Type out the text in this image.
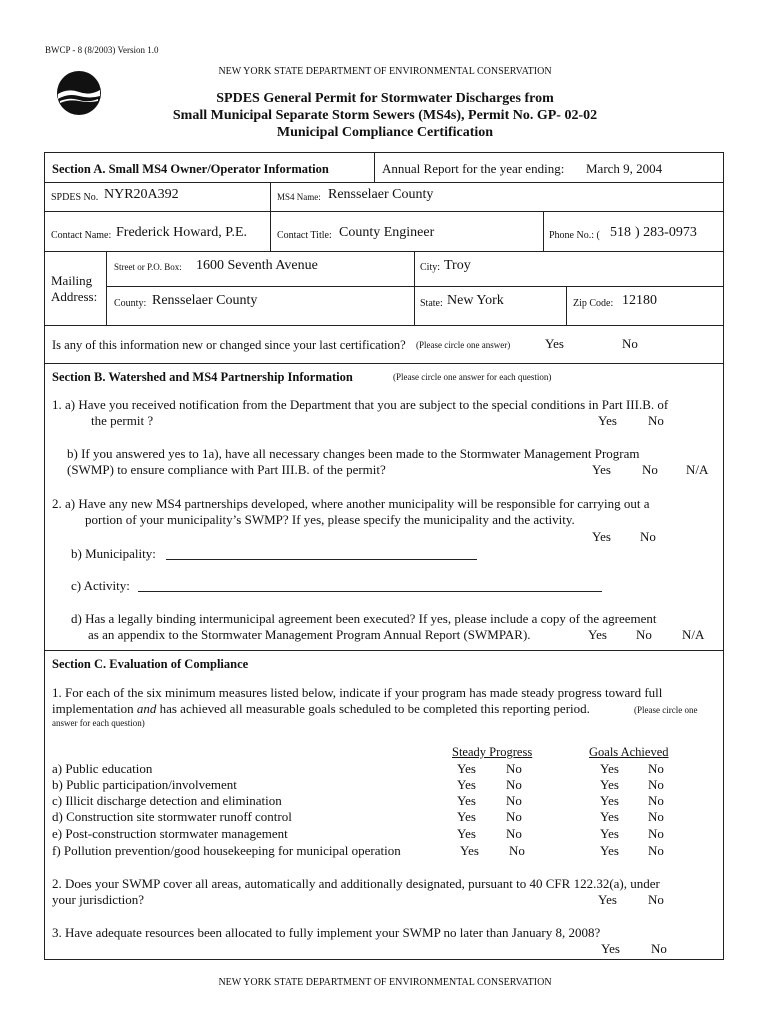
BWCP - 8 (8/2003) Version 1.0
NEW YORK STATE DEPARTMENT OF ENVIRONMENTAL CONSERVATION
SPDES General Permit for Stormwater Discharges from
Small Municipal Separate Storm Sewers (MS4s), Permit No. GP- 02-02
Municipal Compliance Certification
Section A. Small MS4 Owner/Operator Information	Annual Report for the year ending: March 9, 2004
SPDES No. NYR20A392	MS4 Name: Rensselaer County
Contact Name: Frederick Howard, P.E.	Contact Title: County Engineer	Phone No.: ( 518 ) 283-0973
Mailing
Address:
Street or P.O. Box: 1600 Seventh Avenue	City: Troy
County: Rensselaer County	State: New York	Zip Code: 12180
Is any of this information new or changed since your last certification? (Please circle one answer)	Yes	No
Section B. Watershed and MS4 Partnership Information	(Please circle one answer for each question)
1. a) Have you received notification from the Department that you are subject to the special conditions in Part III.B. of
the permit ?	Yes No
b) If you answered yes to 1a), have all necessary changes been made to the Stormwater Management Program
(SWMP) to ensure compliance with Part III.B. of the permit?	Yes No N/A
2. a) Have any new MS4 partnerships developed, where another municipality will be responsible for carrying out a
portion of your municipality’s SWMP? If yes, please specify the municipality and the activity.
Yes No
b) Municipality:
c) Activity:
d) Has a legally binding intermunicipal agreement been executed? If yes, please include a copy of the agreement
as an appendix to the Stormwater Management Program Annual Report (SWMPAR).	Yes No N/A
Section C. Evaluation of Compliance
1. For each of the six minimum measures listed below, indicate if your program has made steady progress toward full
implementation and has achieved all measurable goals scheduled to be completed this reporting period.	(Please circle one
answer for each question)
Steady Progress	Goals Achieved
a) Public education	Yes No	Yes No
b) Public participation/involvement	Yes No	Yes No
c) Illicit discharge detection and elimination	Yes No	Yes No
d) Construction site stormwater runoff control	Yes No	Yes No
e) Post-construction stormwater management	Yes No	Yes No
f) Pollution prevention/good housekeeping for municipal operation	Yes No	Yes No
2. Does your SWMP cover all areas, automatically and additionally designated, pursuant to 40 CFR 122.32(a), under
your jurisdiction?	Yes No
3. Have adequate resources been allocated to fully implement your SWMP no later than January 8, 2008?
Yes No
NEW YORK STATE DEPARTMENT OF ENVIRONMENTAL CONSERVATION
